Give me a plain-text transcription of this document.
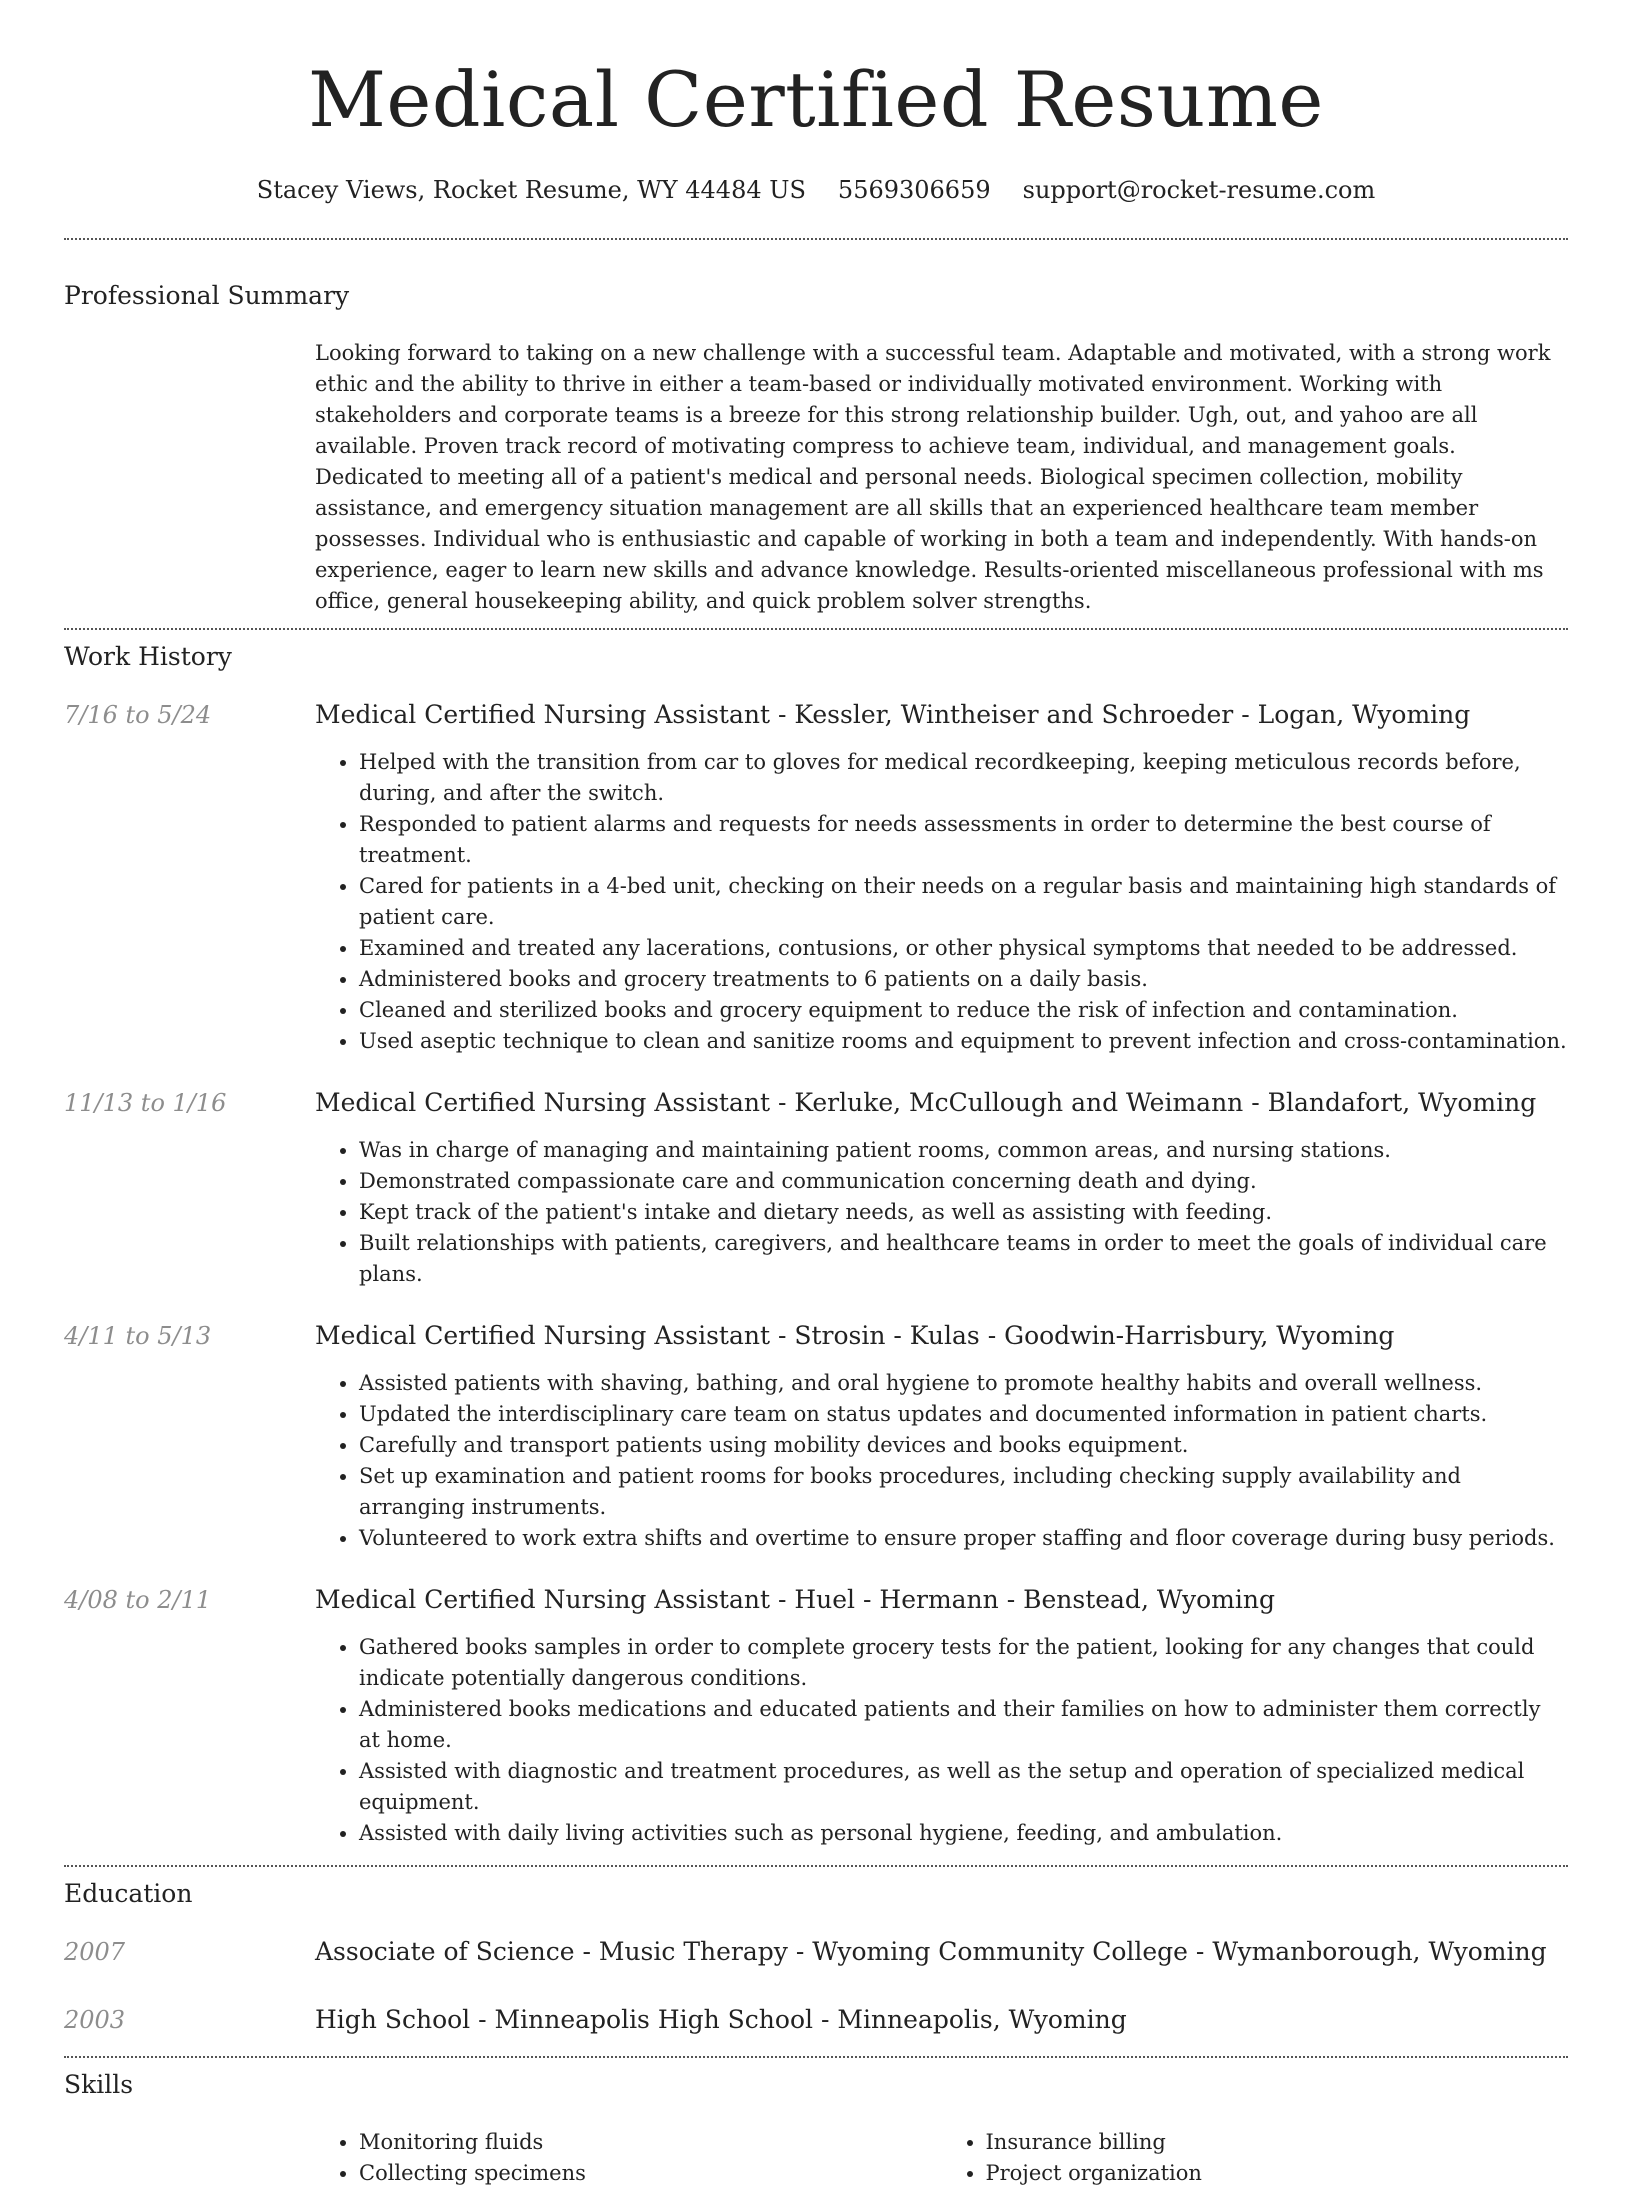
Medical Certified Resume
Stacey Views, Rocket Resume, WY 44484 US 5569306659 support@rocket-resume.com
Professional Summary

Looking forward to taking on a new challenge with a successful team. Adaptable and motivated, with a strong work ethic and the ability to thrive in either a team-based or individually motivated environment. Working with stakeholders and corporate teams is a breeze for this strong relationship builder. Ugh, out, and yahoo are all available. Proven track record of motivating compress to achieve team, individual, and management goals. Dedicated to meeting all of a patient's medical and personal needs. Biological specimen collection, mobility assistance, and emergency situation management are all skills that an experienced healthcare team member possesses. Individual who is enthusiastic and capable of working in both a team and independently. With hands-on experience, eager to learn new skills and advance knowledge. Results-oriented miscellaneous professional with ms office, general housekeeping ability, and quick problem solver strengths.

Work History
7/16 to 5/24	Medical Certified Nursing Assistant - Kessler, Wintheiser and Schroeder - Logan, Wyoming
• Helped with the transition from car to gloves for medical recordkeeping, keeping meticulous records before, during, and after the switch.
• Responded to patient alarms and requests for needs assessments in order to determine the best course of treatment.
• Cared for patients in a 4-bed unit, checking on their needs on a regular basis and maintaining high standards of patient care.
• Examined and treated any lacerations, contusions, or other physical symptoms that needed to be addressed.
• Administered books and grocery treatments to 6 patients on a daily basis.
• Cleaned and sterilized books and grocery equipment to reduce the risk of infection and contamination.
• Used aseptic technique to clean and sanitize rooms and equipment to prevent infection and cross-contamination.
11/13 to 1/16	Medical Certified Nursing Assistant - Kerluke, McCullough and Weimann - Blandafort, Wyoming
• Was in charge of managing and maintaining patient rooms, common areas, and nursing stations.
• Demonstrated compassionate care and communication concerning death and dying.
• Kept track of the patient's intake and dietary needs, as well as assisting with feeding.
• Built relationships with patients, caregivers, and healthcare teams in order to meet the goals of individual care plans.
4/11 to 5/13	Medical Certified Nursing Assistant - Strosin - Kulas - Goodwin-Harrisbury, Wyoming
• Assisted patients with shaving, bathing, and oral hygiene to promote healthy habits and overall wellness.
• Updated the interdisciplinary care team on status updates and documented information in patient charts.
• Carefully and transport patients using mobility devices and books equipment.
• Set up examination and patient rooms for books procedures, including checking supply availability and arranging instruments.
• Volunteered to work extra shifts and overtime to ensure proper staffing and floor coverage during busy periods.
4/08 to 2/11	Medical Certified Nursing Assistant - Huel - Hermann - Benstead, Wyoming
• Gathered books samples in order to complete grocery tests for the patient, looking for any changes that could indicate potentially dangerous conditions.
• Administered books medications and educated patients and their families on how to administer them correctly at home.
• Assisted with diagnostic and treatment procedures, as well as the setup and operation of specialized medical equipment.
• Assisted with daily living activities such as personal hygiene, feeding, and ambulation.
Education
2007	Associate of Science - Music Therapy - Wyoming Community College - Wymanborough, Wyoming
2003	High School - Minneapolis High School - Minneapolis, Wyoming
Skills
• Monitoring fluids
• Collecting specimens
• Insurance billing
• Project organization
